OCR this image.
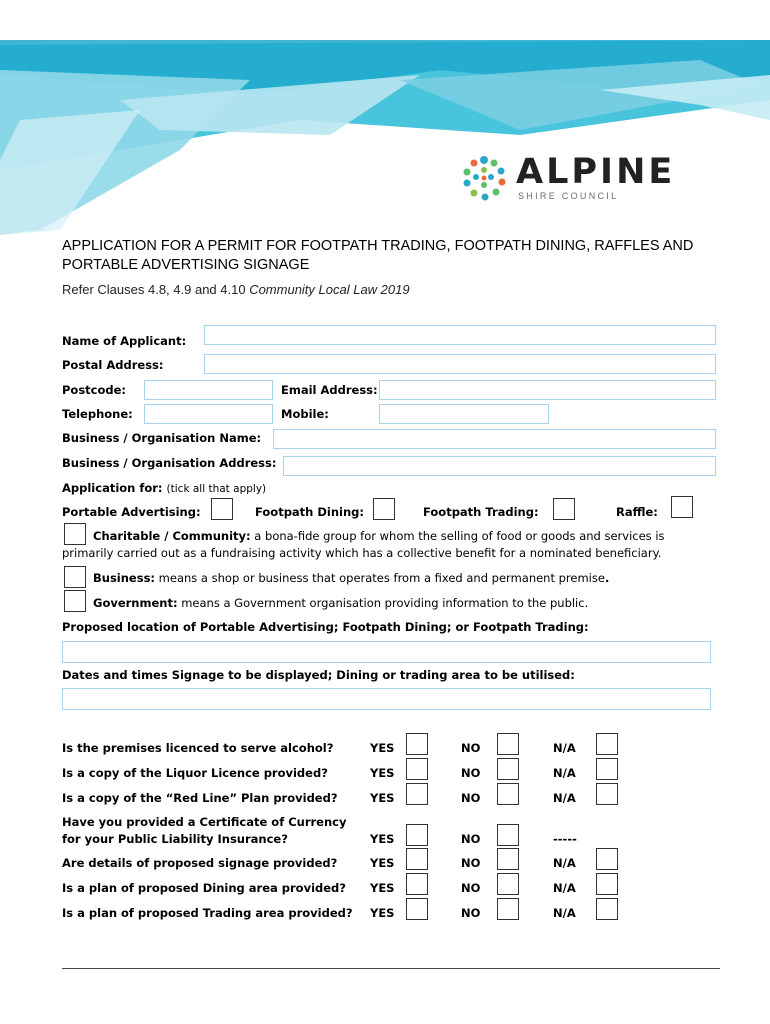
ALPINE
SHIRE COUNCIL
APPLICATION FOR A PERMIT FOR FOOTPATH TRADING, FOOTPATH DINING, RAFFLES AND PORTABLE ADVERTISING SIGNAGE
Refer Clauses 4.8, 4.9 and 4.10 Community Local Law 2019
Name of Applicant:
Postal Address:
Postcode:	Email Address:
Telephone:	Mobile:
Business / Organisation Name:
Business / Organisation Address:
Application for: (tick all that apply)
Portable Advertising:	Footpath Dining:	Footpath Trading:	Raffle:
Charitable / Community: a bona-fide group for whom the selling of food or goods and services is
primarily carried out as a fundraising activity which has a collective benefit for a nominated beneficiary.
Business: means a shop or business that operates from a fixed and permanent premise.
Government: means a Government organisation providing information to the public.
Proposed location of Portable Advertising; Footpath Dining; or Footpath Trading:
Dates and times Signage to be displayed; Dining or trading area to be utilised:
Is the premises licenced to serve alcohol?	YES	NO	N/A
Is a copy of the Liquor Licence provided?	YES	NO	N/A
Is a copy of the “Red Line” Plan provided?	YES	NO	N/A
Have you provided a Certificate of Currency
for your Public Liability Insurance?	YES	NO	-----
Are details of proposed signage provided?	YES	NO	N/A
Is a plan of proposed Dining area provided? YES	NO	N/A
Is a plan of proposed Trading area provided? YES	NO	N/A
